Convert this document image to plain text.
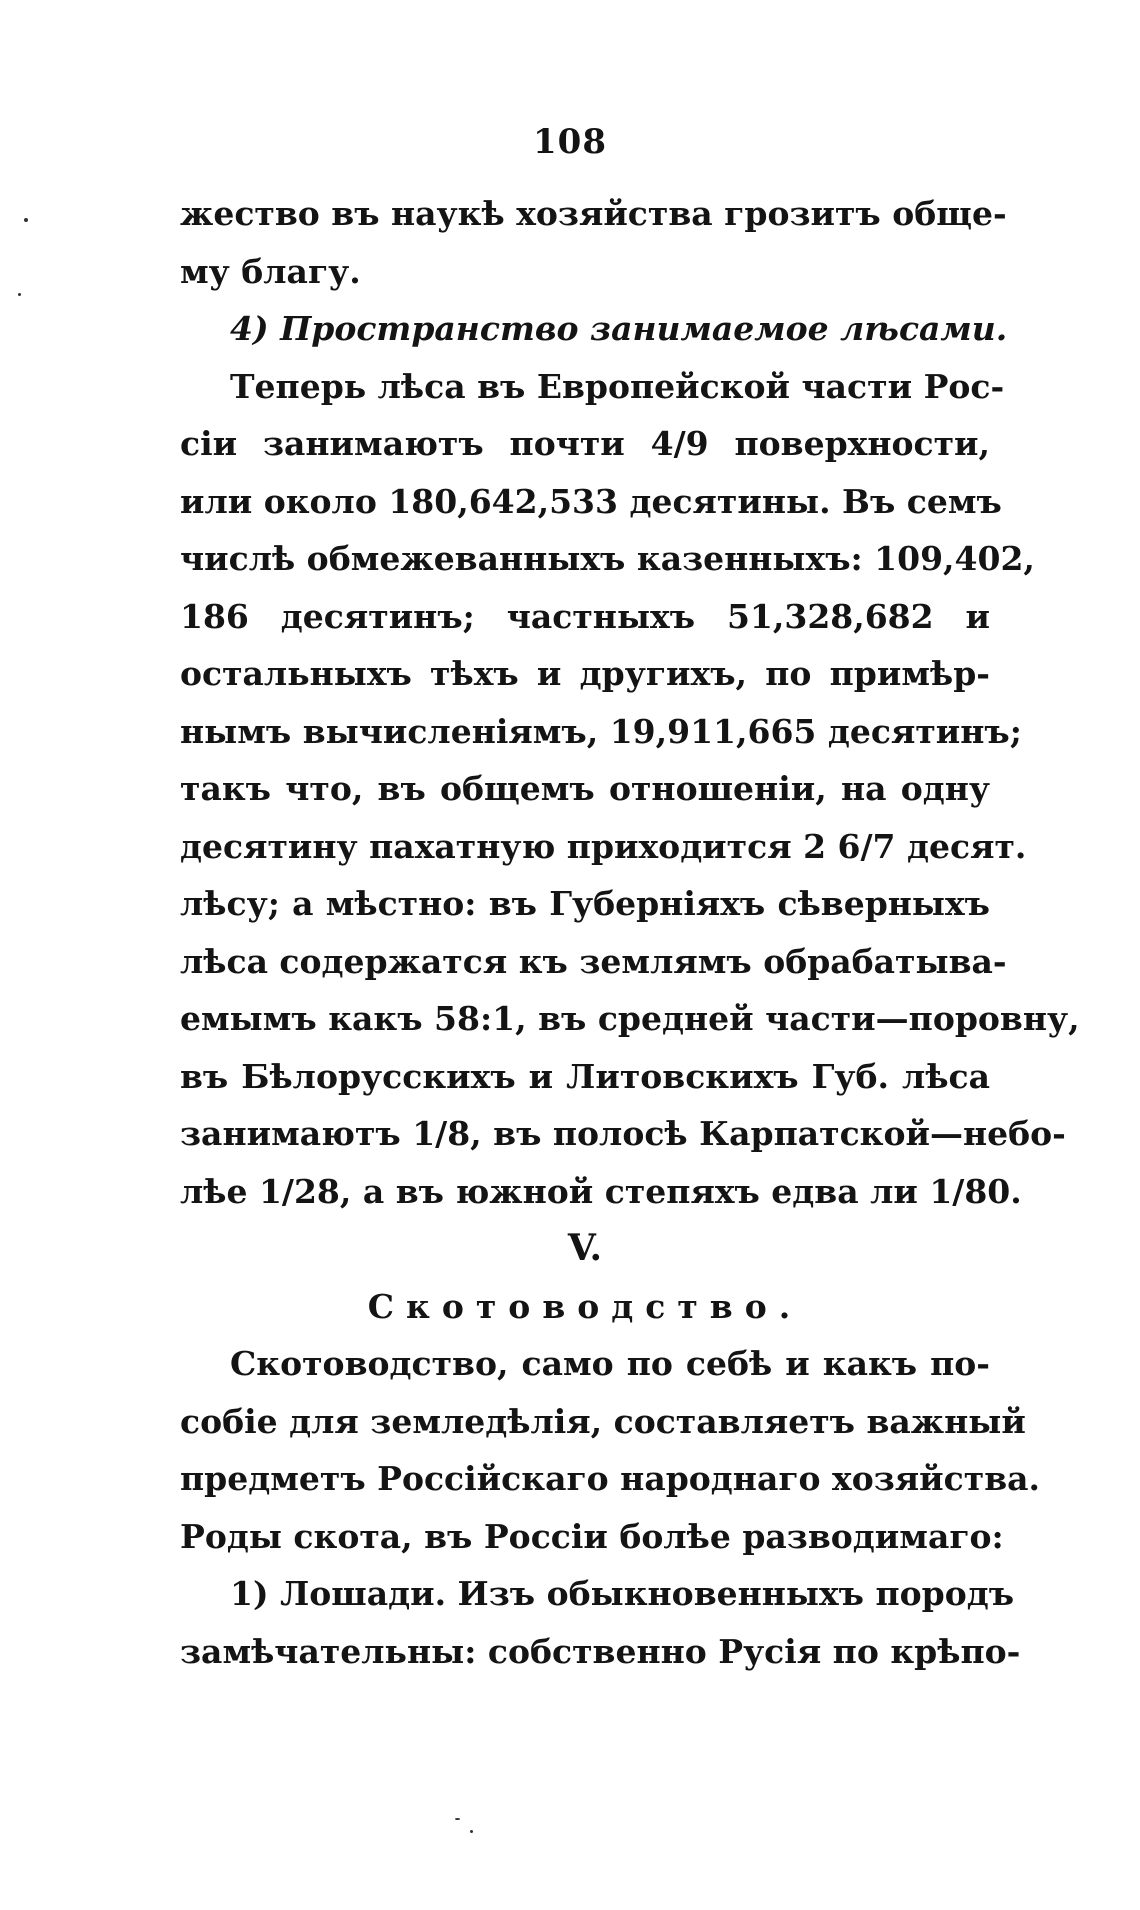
108
жество въ наукѣ хозяйства грозитъ обще-
му благу.
4) Пространство занимаемое лѣсами.
Теперь лѣса въ Европейской части Рос-
сіи занимаютъ почти 4/9 поверхности,
или около 180,642,533 десятины. Въ семъ
числѣ обмежеванныхъ казенныхъ: 109,402,
186 десятинъ; частныхъ 51,328,682 и
остальныхъ тѣхъ и другихъ, по примѣр-
нымъ вычисленіямъ, 19,911,665 десятинъ;
такъ что, въ общемъ отношеніи, на одну
десятину пахатную приходится 2 6/7 десят.
лѣсу; а мѣстно: въ Губерніяхъ сѣверныхъ
лѣса содержатся къ землямъ обрабатыва-
емымъ какъ 58:1, въ средней части—поровну,
въ Бѣлорусскихъ и Литовскихъ Губ. лѣса
занимаютъ 1/8, въ полосѣ Карпатской—небо-
лѣе 1/28, а въ южной степяхъ едва ли 1/80.
V.
Скотоводство.
Скотоводство, само по себѣ и какъ по-
собіе для земледѣлія, составляетъ важный
предметъ Россійскаго народнаго хозяйства.
Роды скота, въ Россіи болѣе разводимаго:
1) Лошади. Изъ обыкновенныхъ породъ
замѣчательны: собственно Русія по крѣпо-
